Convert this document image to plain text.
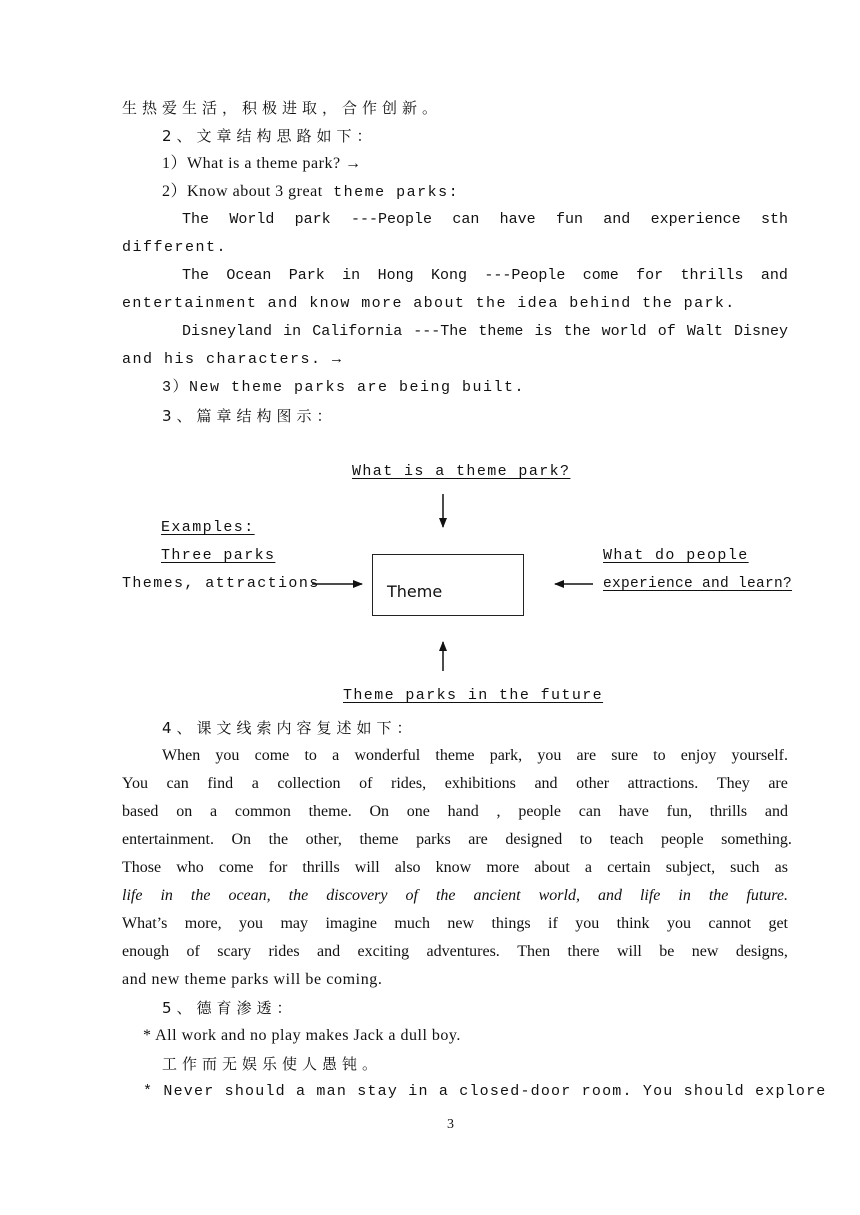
生热爱生活，积极进取，合作创新。
2、文章结构思路如下：
1）What is a theme park? →
2）Know about 3 great theme parks:
The World park ---People can have fun and experience sth
different.
The Ocean Park in Hong Kong ---People come for thrills and
entertainment and know more about the idea behind the park.
Disneyland in California ---The theme is the world of Walt Disney
and his characters. →
3）New theme parks are being built.
3、篇章结构图示：
What is a theme park?
Examples:
Three parks
Themes, attractions	Theme
What do people
experience and learn?
Theme parks in the future
4、课文线索内容复述如下：
When you come to a wonderful theme park, you are sure to enjoy yourself.
You can find a collection of rides, exhibitions and other attractions. They are
based on a common theme. On one hand , people can have fun, thrills and
entertainment. On the other, theme parks are designed to teach people something.
Those who come for thrills will also know more about a certain subject, such as
life in the ocean, the discovery of the ancient world, and life in the future.
What’s more, you may imagine much new things if you think you cannot get
enough of scary rides and exciting adventures. Then there will be new designs,
and new theme parks will be coming.
5、德育渗透：
* All work and no play makes Jack a dull boy.
工作而无娱乐使人愚钝。
* Never should a man stay in a closed-door room. You should explore
3
